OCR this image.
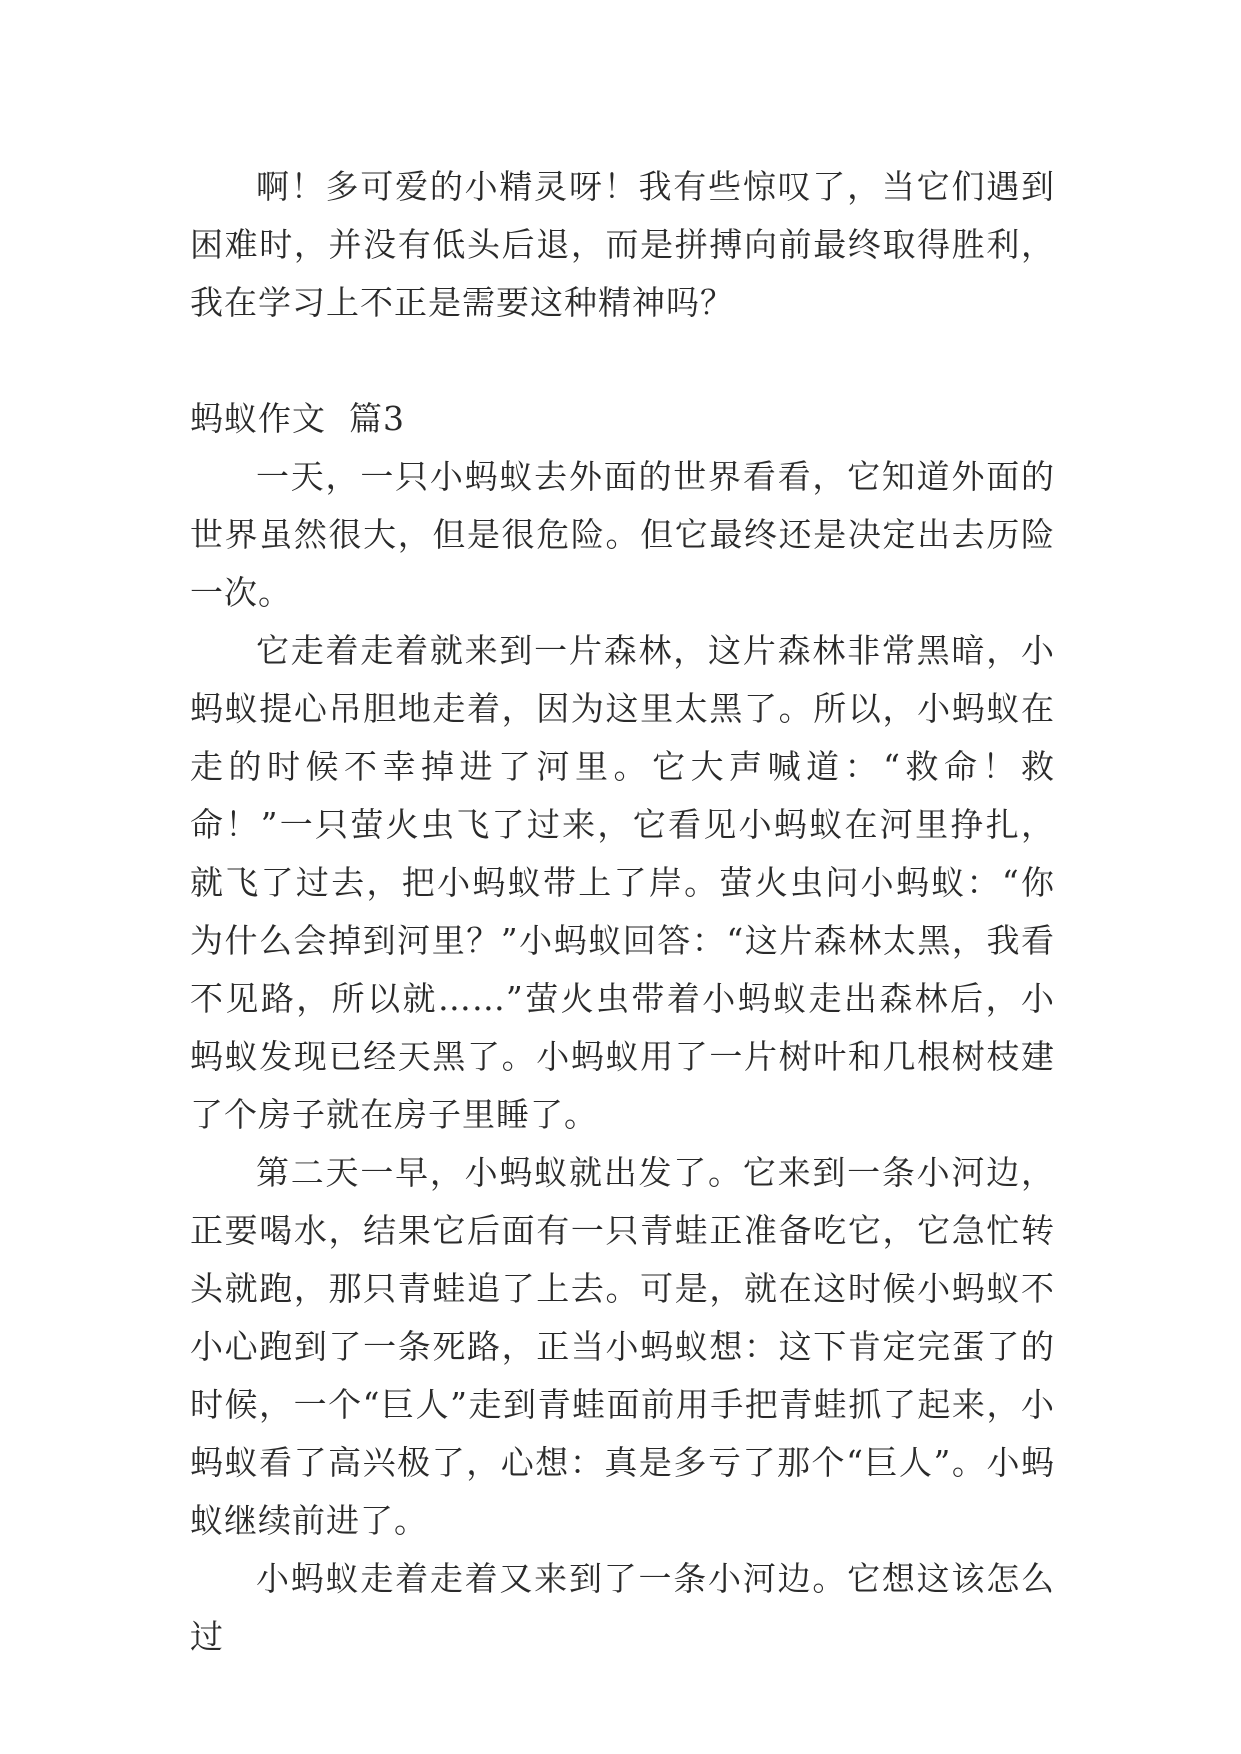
啊！多可爱的小精灵呀！我有些惊叹了，当它们遇到困难时，并没有低头后退，而是拼搏向前最终取得胜利，我在学习上不正是需要这种精神吗？

蚂蚁作文  篇3

一天，一只小蚂蚁去外面的世界看看，它知道外面的世界虽然很大，但是很危险。但它最终还是决定出去历险一次。

它走着走着就来到一片森林，这片森林非常黑暗，小蚂蚁提心吊胆地走着，因为这里太黑了。所以，小蚂蚁在走的时候不幸掉进了河里。它大声喊道：“救命！救命！”一只萤火虫飞了过来，它看见小蚂蚁在河里挣扎，就飞了过去，把小蚂蚁带上了岸。萤火虫问小蚂蚁：“你为什么会掉到河里？”小蚂蚁回答：“这片森林太黑，我看不见路，所以就……”萤火虫带着小蚂蚁走出森林后，小蚂蚁发现已经天黑了。小蚂蚁用了一片树叶和几根树枝建了个房子就在房子里睡了。

第二天一早，小蚂蚁就出发了。它来到一条小河边，正要喝水，结果它后面有一只青蛙正准备吃它，它急忙转头就跑，那只青蛙追了上去。可是，就在这时候小蚂蚁不小心跑到了一条死路，正当小蚂蚁想：这下肯定完蛋了的时候，一个“巨人”走到青蛙面前用手把青蛙抓了起来，小蚂蚁看了高兴极了，心想：真是多亏了那个“巨人”。小蚂蚁继续前进了。

小蚂蚁走着走着又来到了一条小河边。它想这该怎么过
